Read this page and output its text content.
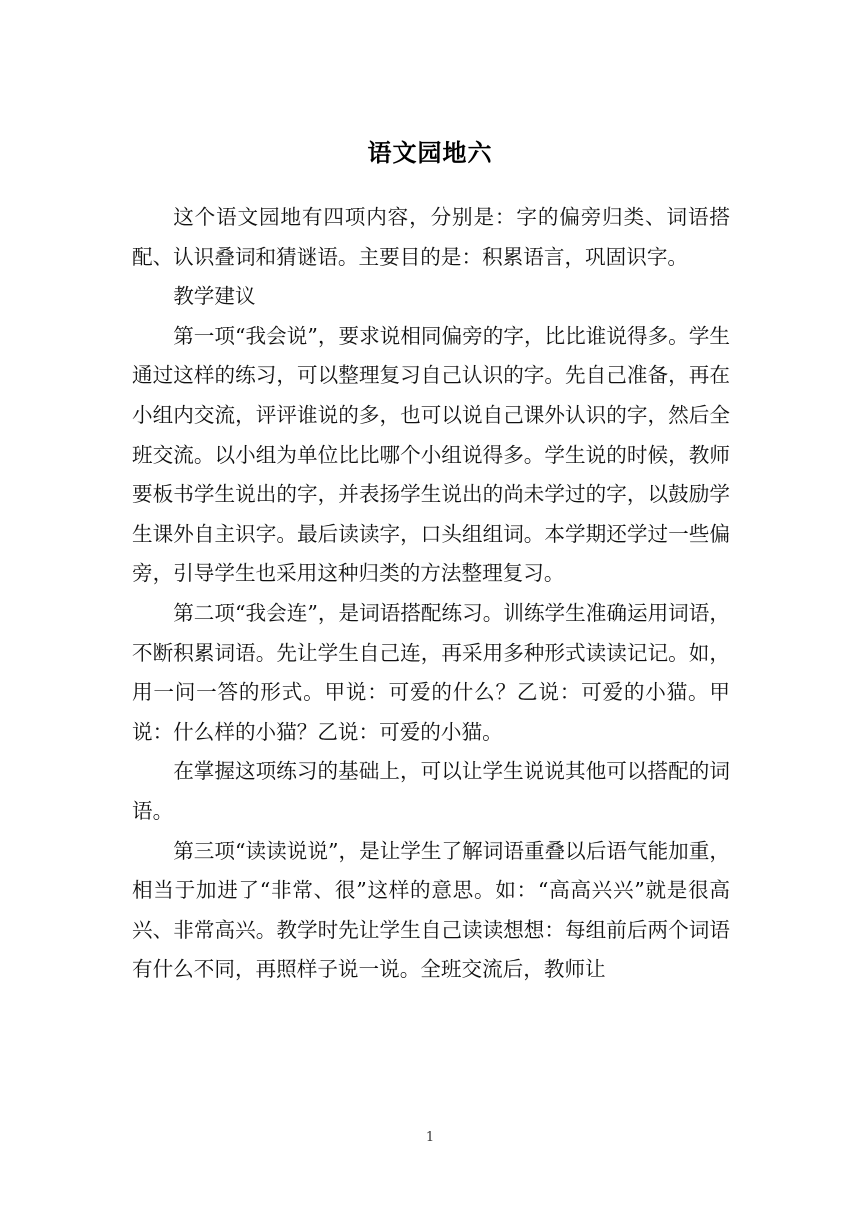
语文园地六

这个语文园地有四项内容，分别是：字的偏旁归类、词语搭配、认识叠词和猜谜语。主要目的是：积累语言，巩固识字。

教学建议

第一项“我会说”，要求说相同偏旁的字，比比谁说得多。学生通过这样的练习，可以整理复习自己认识的字。先自己准备，再在小组内交流，评评谁说的多，也可以说自己课外认识的字，然后全班交流。以小组为单位比比哪个小组说得多。学生说的时候，教师要板书学生说出的字，并表扬学生说出的尚未学过的字，以鼓励学生课外自主识字。最后读读字，口头组组词。本学期还学过一些偏旁，引导学生也采用这种归类的方法整理复习。

第二项“我会连”，是词语搭配练习。训练学生准确运用词语，不断积累词语。先让学生自己连，再采用多种形式读读记记。如，用一问一答的形式。甲说：可爱的什么？乙说：可爱的小猫。甲说：什么样的小猫？乙说：可爱的小猫。

在掌握这项练习的基础上，可以让学生说说其他可以搭配的词语。

第三项“读读说说”，是让学生了解词语重叠以后语气能加重，相当于加进了“非常、很”这样的意思。如：“高高兴兴”就是很高兴、非常高兴。教学时先让学生自己读读想想：每组前后两个词语有什么不同，再照样子说一说。全班交流后，教师让

1
